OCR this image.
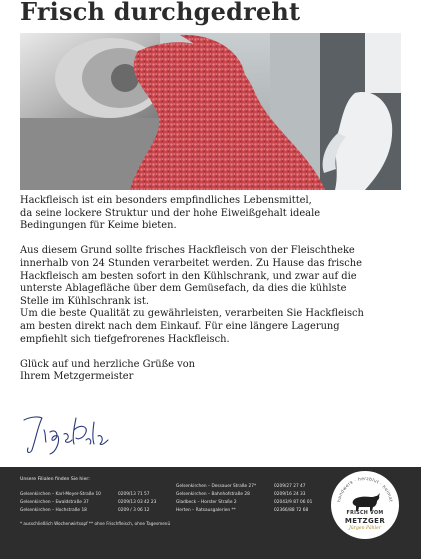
Frisch durchgedreht

Hackfleisch ist ein besonders empfindliches Lebensmittel,

da seine lockere Struktur und der hohe Eiweißgehalt ideale

Bedingungen für Keime bieten.

Aus diesem Grund sollte frisches Hackfleisch von der Fleischtheke

innerhalb von 24 Stunden verarbeitet werden. Zu Hause das frische

Hackfleisch am besten sofort in den Kühlschrank, und zwar auf die

unterste Ablagefläche über dem Gemüsefach, da dies die kühlste

Stelle im Kühlschrank ist.

Um die beste Qualität zu gewährleisten, verarbeiten Sie Hackfleisch

am besten direkt nach dem Einkauf. Für eine längere Lagerung

empfiehlt sich tiefgefrorenes Hackfleisch.

Glück auf und herzliche Grüße von

Ihrem Metzgermeister

Unsere Filialen finden Sie hier:
Gelsenkirchen – Karl-Meyer-Straße 10
Gelsenkirchen – Ewaldstraße 37
Gelsenkirchen – Hochstraße 18
0209/13 71 57
0209/13 03 42 23
0209 / 3 06 12
Gelsenkirchen – Dessauer Straße 27*
Gelsenkirchen – Bahnhofstraße 28
Gladbeck – Horster Straße 2
Herten – Ratsausgalerien **
0209/27 27 47
0209/16 24 33
02043/9 87 06 01
02366/88 72 68
* ausschließlich Wochenwirtsopf ** ohne Frischfleisch, ohne Tagesmenü
handwerk · herzblut · heimat
FRISCH VOM
METZGER
Jürgen Pähler
